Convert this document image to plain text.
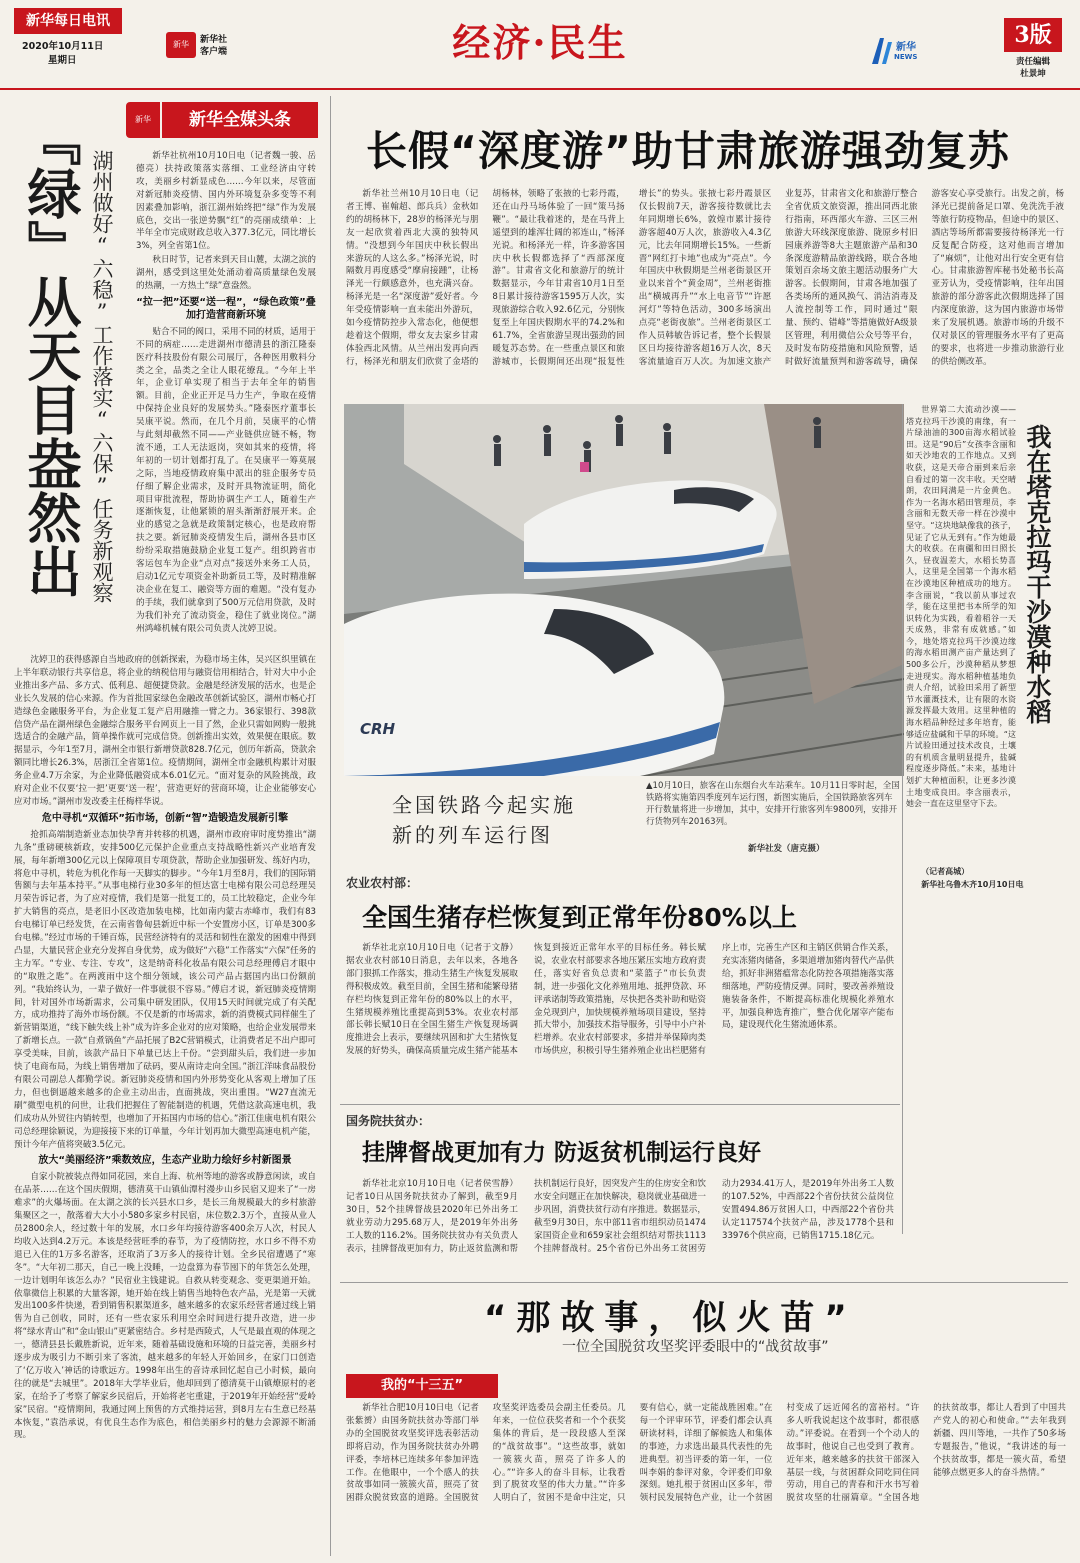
新华每日电讯
2020年10月11日
星期日
新华	新华社
客户端	经济·民生	新华
NEWS
3版
责任编辑
杜景坤
新华	新华全媒头条
『绿』从天目盎然出 湖州做好“六稳”工作落实“六保”任务新观察	新华社杭州10月10日电（记者魏一骏、岳德亮）扶持政策落实落细、工业经济由守转攻，美丽乡村新显成色……今年以来，尽管面对新冠肺炎疫情、国内外环境复杂多变等不利因素叠加影响，浙江湖州始终把“绿”作为发展底色，交出一张逆势飘“红”的亮丽成绩单：上半年全市完成财政总收入377.3亿元，同比增长3%，列全省第1位。

秋日时节，记者来到天目山麓，太湖之滨的湖州，感受到这里处处涌动着高质量绿色发展的热潮，一方热土“绿”意盎然。

“拉一把”还要“送一程”，“绿色政策”叠加打造营商新环境

贴合不同的阀口，采用不同的材质，适用于不同的病症……走进湖州市德清县的浙江隆泰医疗科技股份有限公司展厅，各种医用敷料分类之全，品类之全让人眼花缭乱。“今年上半年，企业订单实现了相当于去年全年的销售额。目前，企业正开足马力生产，争取在疫情中保持企业良好的发展势头。”隆泰医疗董事长吴康平说。然而，在几个月前，吴康平的心情与此刻却截然不同——产业链供应链不畅，物流不通，工人无法返岗，突如其来的疫情，将年初的一切计划都打乱了。在吴康平一筹莫展之际，当地疫情政府集中派出的驻企服务专员仔细了解企业需求，及时开具物流证明，简化项目审批流程，帮助协调生产工人，随着生产逐渐恢复，让他紧锁的眉头渐渐舒展开来。企业的感觉之急就是政策制定核心，也是政府帮扶之要。新冠肺炎疫情发生后，湖州各县市区纷纷采取措施鼓励企业复工复产。组织跨省市客运包车为企业“点对点”接送外来务工人员，启动1亿元专项资金补助新员工等，及时精准解决企业在复工、融资等方面的难题。“没有复办的手续，我们就拿到了500万元信用贷款，及时为我们补充了流动资金，稳住了就业岗位。”湖州鸿峰机械有限公司负责人沈婷卫说。

沈婷卫的获得感源自当地政府的创新探索，为稳市场主体，吴兴区织里镇在上半年联动银行共享信息，将企业的纳税信用与融资信用相结合，针对大中小企业推出多产品、多方式、低利息、超便捷贷款。金融是经济发展的活水，也是企业长久发展的信心来源。作为首批国家绿色金融改革创新试验区，湖州市畅心打造绿色金融服务平台，为企业复工复产启用融推一臂之力。36家银行、398款信贷产品在湖州绿色金融综合服务平台网页上一目了然，企业只需如网购一般挑选适合的金融产品，简单操作就可完成信贷。创新推出实效，效果便在眼底。数据显示，今年1至7月，湖州全市银行新增贷款828.7亿元，创历年新高，贷款余额同比增长26.3%，居浙江全省第1位。疫情期间，湖州全市金融机构累计对服务企业4.7万余家，为企业降低融资成本6.01亿元。“面对复杂的风险挑战，政府对企业不仅要‘拉一把’更要‘送一程’，营造更好的营商环境，让企业能够安心应对市场。”湖州市发改委主任梅样华说。

危中寻机“双循环”拓市场，创新“智”造锻造发展新引擎

抢抓高端制造新业态加快孕育并转移的机遇，湖州市政府审时度势推出“湖九条”重磅硬核新政，安排500亿元保护企业重点支持战略性新兴产业培育发展，每年新增300亿元以上保障项目专项贷款，帮助企业加强研发、练好内功，将危中寻机，转危为机化作每一天脚实的脚步。“今年1月至8月，我们的国际销售额与去年基本持平。”从事电梯行业30多年的恒达富士电梯有限公司总经理吴月荣告诉记者，为了应对疫情，我们是第一批复工的，员工比较稳定，企业今年扩大销售的亮点，是老旧小区改造加装电梯，比如南内蒙古赤峰市，我们有83台电梯订单已经发货，在云南省鲁甸县新近中标一个安置房小区，订单是300多台电梯。”经过市场的千锤百炼，民营经济特有的灵活和韧性在激发的困难中得到凸显，大量民营企业充分发挥自身优势，成为做好“六稳”工作落实“六保”任务的主力军。“专业、专注、专攻”，这是纳奇科化妆品有限公司总经理傅启才眼中的“取胜之匙”。在两渡雨中这个细分领域，该公司产品占据国内出口份额前列。“我始终认为，一辈子做好一件事就很不容易。”傅启才说，新冠肺炎疫情期间，针对国外市场新需求，公司集中研发团队，仅用15天时间就完成了有关配方，成功推持了海外市场份额。不仅是新的市场需求，新的消费模式同样催生了新营销渠道，“线下触失线上补”成为许多企业对的应对策略，也给企业发展带来了新增长点。一款“自煮锅鱼”产品托展了B2C营销模式，让消费者足不出户即可享受美味，目前，该款产品日下单量已达上千份。“尝到甜头后，我们进一步加快了电商布局，为线上销售增加了砝码，要从南诗走向全国。”浙江洋味食品股份有限公司副总人都勤学说。新冠肺炎疫情和国内外形势变化从客观上增加了压力，但也倒逼越来越多的企业主动出击，直面挑战，突出重围。“W27直流无刷”微型电机的问世，让我们把握住了智能制造的机遇，凭借这款高速电机，我们成功从外贸往内销转型，也增加了开拓国内市场的信心。”浙江佳康电机有限公司总经理徐颖说，为迎接接下来的订单量，今年计划再加大微型高速电机产能，预计今年产值将突破3.5亿元。

放大“美丽经济”乘数效应，生态产业助力绘好乡村新图景

自家小院被装点得如同花园，来自上海、杭州等地的游客或静意闲读，或自在品茶……在这个国庆假期，德清莫干山镇仙潭村漫步山乡民宿又迎来了“一房难求”的火爆场面。在太湖之滨的长兴县水口乡，是长三角规模最大的乡村旅游集聚区之一，散落着大大小小580多家乡村民宿，床位数2.3万个，直接从业人员2800余人，经过数十年的发展，水口乡年均接待游客400余万人次，村民人均收入达到4.2万元。本该是经营旺季的春节，为了疫情防控，水口乡不得不劝退已入住的1万多名游客，还取消了3万多人的接待计划。全乡民宿遭遇了“寒冬”。“大年初二那天，自己一晚上没睡，一边盘算为春节囤下的年货怎么处理，一边计划明年该怎么办？”民宿业主钱建说。自救从转变观念、变更渠道开始。依靠微信上积累的大量客源，她开始在线上销售当地特色农产品，光是第一天就发出100多件快递，看到销售积累渠道多，越来越多的农家乐经营者通过线上销售为自己创收，同时，还有一些农家乐利用空余时间进行提升改造，进一步将“绿水青山”和“金山银山”更紧密结合。乡村是西陵式，人气是最直观的体现之一，德清县县长戴胜新说，近年来，随着基础设施和环境的日益完善，美丽乡村逐步成为吸引力不断引来了客流，越来越多的年轻人开始回乡，在家门口创造了‘亿万收入’神话的诗歌远方。1998年出生的音诗承回忆起自己小时候，最向往的就是“去城里”。2018年大学毕业后，他却回到了德清莫干山镇燎原村的老家，在给予了考察了解家乡民宿后，开始将老宅重建，于2019年开始经营“爱岭家”民宿。“疫情期间，我通过网上预售的方式维持运营，到8月左右生意已经基本恢复，”袁浩承说，有优良生态作为底色，相信美丽乡村的魅力会源源不断涌现。

长假“深度游”助甘肃旅游强劲复苏

新华社兰州10月10日电（记者王博、崔翰超、郎兵兵）金秋如约的胡杨林下，28岁的杨泽光与朋友一起欣赏着西北大漠的独特风情。“没想到今年国庆中秋长假出来游玩的人这么多。”杨泽光说，时隔数月再度感受“摩肩接踵”，让杨泽光一行颇感意外，也充满兴奋。杨泽光是一名“深度游”爱好者。今年受疫情影响一直未能出外游玩，如今疫情防控步入常态化，他便想趁着这个假期，带女友去家乡甘肃体验西北风情。从兰州出发再向西行，杨泽光和朋友们欣赏了金塔的胡杨林，领略了张掖的七彩丹霞，还在山丹马场体验了一回“策马扬鞭”。“最让我着迷的，是在马背上遥望到的雄浑壮阔的祁连山，”杨泽光说。和杨泽光一样，许多游客国庆中秋长假都选择了“西部深度游”。甘肃省文化和旅游厅的统计数据显示，今年甘肃省10月1日至8日累计接待游客1595万人次，实现旅游综合收入92.6亿元，分别恢复至上年国庆假期水平的74.2%和61.7%，全省旅游呈现出强劲的回暖复苏态势。在一些重点景区和旅游城市，长假期间还出现“报复性增长”的势头。张掖七彩丹霞景区仅长假前7天，游客接待数就比去年同期增长6%，敦煌市累计接待游客超40万人次，旅游收入4.3亿元，比去年同期增长15%。一些新晋“网红打卡地”也成为“亮点”。今年国庆中秋假期是兰州老街景区开业以来首个“黄金周”，兰州老街推出“横城再升”“水上电音节”“许愿河灯”等特色活动，300多场演出点亮“老街夜旅”。兰州老街景区工作人员韩敏告诉记者，整个长假景区日均接待游客超16万人次，8天客流量逾百万人次。为加速文旅产业复苏，甘肃省文化和旅游厅整合全省优质文旅资源，推出同西北旅行指南，环西部火车游、三区三州旅游大环线深度旅游、陇原乡村旧园康养游等8大主题旅游产品和30条深度游精品旅游线路，联合各地策划百余场文旅主题活动服务广大游客。长假期间，甘肃各地加强了各类场所的通风换气、消洁消毒及人流控制等工作，同时通过“限量、预约、错峰”等措施做好A级景区管理，利用微信公众号等平台，及时发布防疫措施和风险预警，适时做好流量预判和游客疏导，确保游客安心享受旅行。出发之前，杨泽光已提前备足口罩、免洗洗手液等旅行防疫物品，但途中的景区、酒店等场所都需要接待杨泽光一行反复配合防疫，这对他而言增加了“麻烦”，让他对出行安全更有信心。甘肃旅游智库秘书处秘书长高亚芳认为，受疫情影响，往年出国旅游的部分游客此次假期选择了国内深度旅游，这为国内旅游市场带来了发展机遇。旅游市场的升级不仅对景区的管理服务水平有了更高的要求，也将进一步推动旅游行业的供给侧改革。

CRH
全国铁路今起实施
新的列车运行图
▲10月10日，旅客在山东烟台火车站乘车。10月11日零时起，全国铁路将实施第四季度列车运行图，新图实施后，全国铁路旅客列车开行数量将进一步增加，其中，安排开行旅客列车9800列，安排开行货物列车20163列。
新华社发（唐克摄）
我在塔克拉玛干沙漠种水稻

世界第二大流动沙漠——塔克拉玛干沙漠的南缘，有一片绿油油的300亩海水稻试验田。这是“90后”女孩李含丽和如天沙地农的工作地点。又到收获，这是天帝合丽到来后亲自看过的第一次丰收。天空晴朗，农田间满是一片金黄色。作为一名海水稻田管理员，李含丽和无数天帝一样在沙漠中坚守。“这块地缺像我的孩子，见证了它从无到有。”作为她最大的收获。在南疆和田日照长久，昼夜温差大，水稻长势喜人，这里是全国第一个海水稻在沙漠地区种植成功的地方。李含丽说，“我以前从事过农学，能在这里把书本所学的知识转化为实践，看着稻谷一天天成熟，非常有成就感。”如今，地处塔克拉玛干沙漠边缘的海水稻田测产亩产量达到了500多公斤，沙漠种稻从梦想走进现实。海水稻种植基地负责人介绍，试验田采用了新型节水灌溉技术，让有限的水资源发挥最大效用。这里种植的海水稻品种经过多年培育，能够适应盐碱和干旱的环境。“这片试验田通过技术改良，土壤的有机质含量明显提升，盐碱程度逐步降低。”未来，基地计划扩大种植面积，让更多沙漠土地变成良田。李含丽表示，她会一直在这里坚守下去。

（记者高城）

新华社乌鲁木齐10月10日电

农业农村部：
全国生猪存栏恢复到正常年份80%以上

新华社北京10月10日电（记者于文静）据农业农村部10日消息，去年以来，各地各部门狠抓工作落实，推动生猪生产恢复发展取得积极成效。截至目前，全国生猪和能繁母猪存栏均恢复到正常年份的80%以上的水平，生猪规模养殖比重提高到53%。农业农村部部长韩长赋10日在全国生猪生产恢复现场调度推进会上表示，要继续巩固和扩大生猪恢复发展的好势头，确保高质量完成生猪产能基本恢复到接近正常年水平的目标任务。韩长赋说，农业农村部要求各地压紧压实地方政府责任，落实好省负总责和“菜篮子”市长负责制，进一步强化文化养殖用地、抵押贷款、环评承诺制等政策措施，尽快把各类补助和贴资金兑现到户，加快规模养殖场项目建设，坚持抓大带小，加强技术指导服务，引导中小户补栏增养。农业农村部要求，多措并举保障肉类市场供应，积极引导生猪养殖企业出栏肥猪有序上市，完善生产区和主销区供销合作关系，充实冻猪肉储备，多渠道增加猪肉替代产品供给，抓好非洲猪瘟常态化防控各项措施落实落细落地，严防疫情反弹。同时，要改善养殖设施装备条件，不断提高标准化规模化养殖水平，加强良种选育推广，整合优化屠宰产能布局，建设现代化生猪流通体系。

国务院扶贫办：
挂牌督战更加有力 防返贫机制运行良好

新华社北京10月10日电（记者侯雪静）记者10日从国务院扶贫办了解到，截至9月30日，52个挂牌督战县2020年已外出务工就业劳动力295.68万人，是2019年外出务工人数的116.2%。国务院扶贫办有关负责人表示，挂牌督战更加有力，防止返贫监测和帮扶机制运行良好，因突发产生的住房安全和饮水安全问题正在加快解决，稳岗就业基础进一步巩固，消费扶贫行动有序推进。数据显示，截至9月30日，东中部11省市组织动员1474家国资企业和659家社会组织结对帮扶1113个挂牌督战村。25个省份已外出务工贫困劳动力2934.41万人，是2019年外出务工人数的107.52%，中西部22个省份扶贫公益岗位安置494.86万贫困人口，中西部22个省份共认定117574个扶贫产品，涉及1778个县和33976个供应商，已销售1715.18亿元。

“那故事，似火苗”
一位全国脱贫攻坚奖评委眼中的“战贫故事”
我的“十三五”

新华社合肥10月10日电（记者张紫赟）由国务院扶贫办等部门举办的全国脱贫攻坚奖评选表彰活动即将启动，作为国务院扶贫办外聘评委，李培林已连续多年参加评选工作。在他眼中，一个个感人的扶贫故事如同一簇簇火苗，照亮了贫困群众脱贫致富的道路。全国脱贫攻坚奖评选委员会副主任委员。几年来，一位位获奖者和一个个获奖集体的背后，是一段段感人至深的“战贫故事”。“这些故事，就如一簇簇火苗，照亮了许多人的心。”“许多人的奋斗目标，让我看到了脱贫攻坚的伟大力量。”“许多人明白了，贫困不是命中注定，只要有信心，就一定能战胜困难。”在每一个评审环节，评委们都会认真研读材料，详细了解候选人和集体的事迹，力求选出最具代表性的先进典型。初当评委的第一年，一位叫李娟的参评对象，令评委们印象深刻。她扎根于贫困山区多年，带领村民发展特色产业，让一个贫困村变成了远近闻名的富裕村。“许多人听我说起这个故事时，都很感动。”评委说。在看到一个个动人的故事时，他说自己也受到了教育。近年来，越来越多的扶贫干部深入基层一线，与贫困群众同吃同住同劳动，用自己的青春和汗水书写着脱贫攻坚的壮丽篇章。“全国各地的扶贫故事，都让人看到了中国共产党人的初心和使命。”“去年我到新疆、四川等地，一共作了50多场专题报告，”他说，“我讲述的每一个扶贫故事，都是一簇火苗，希望能够点燃更多人的奋斗热情。”
